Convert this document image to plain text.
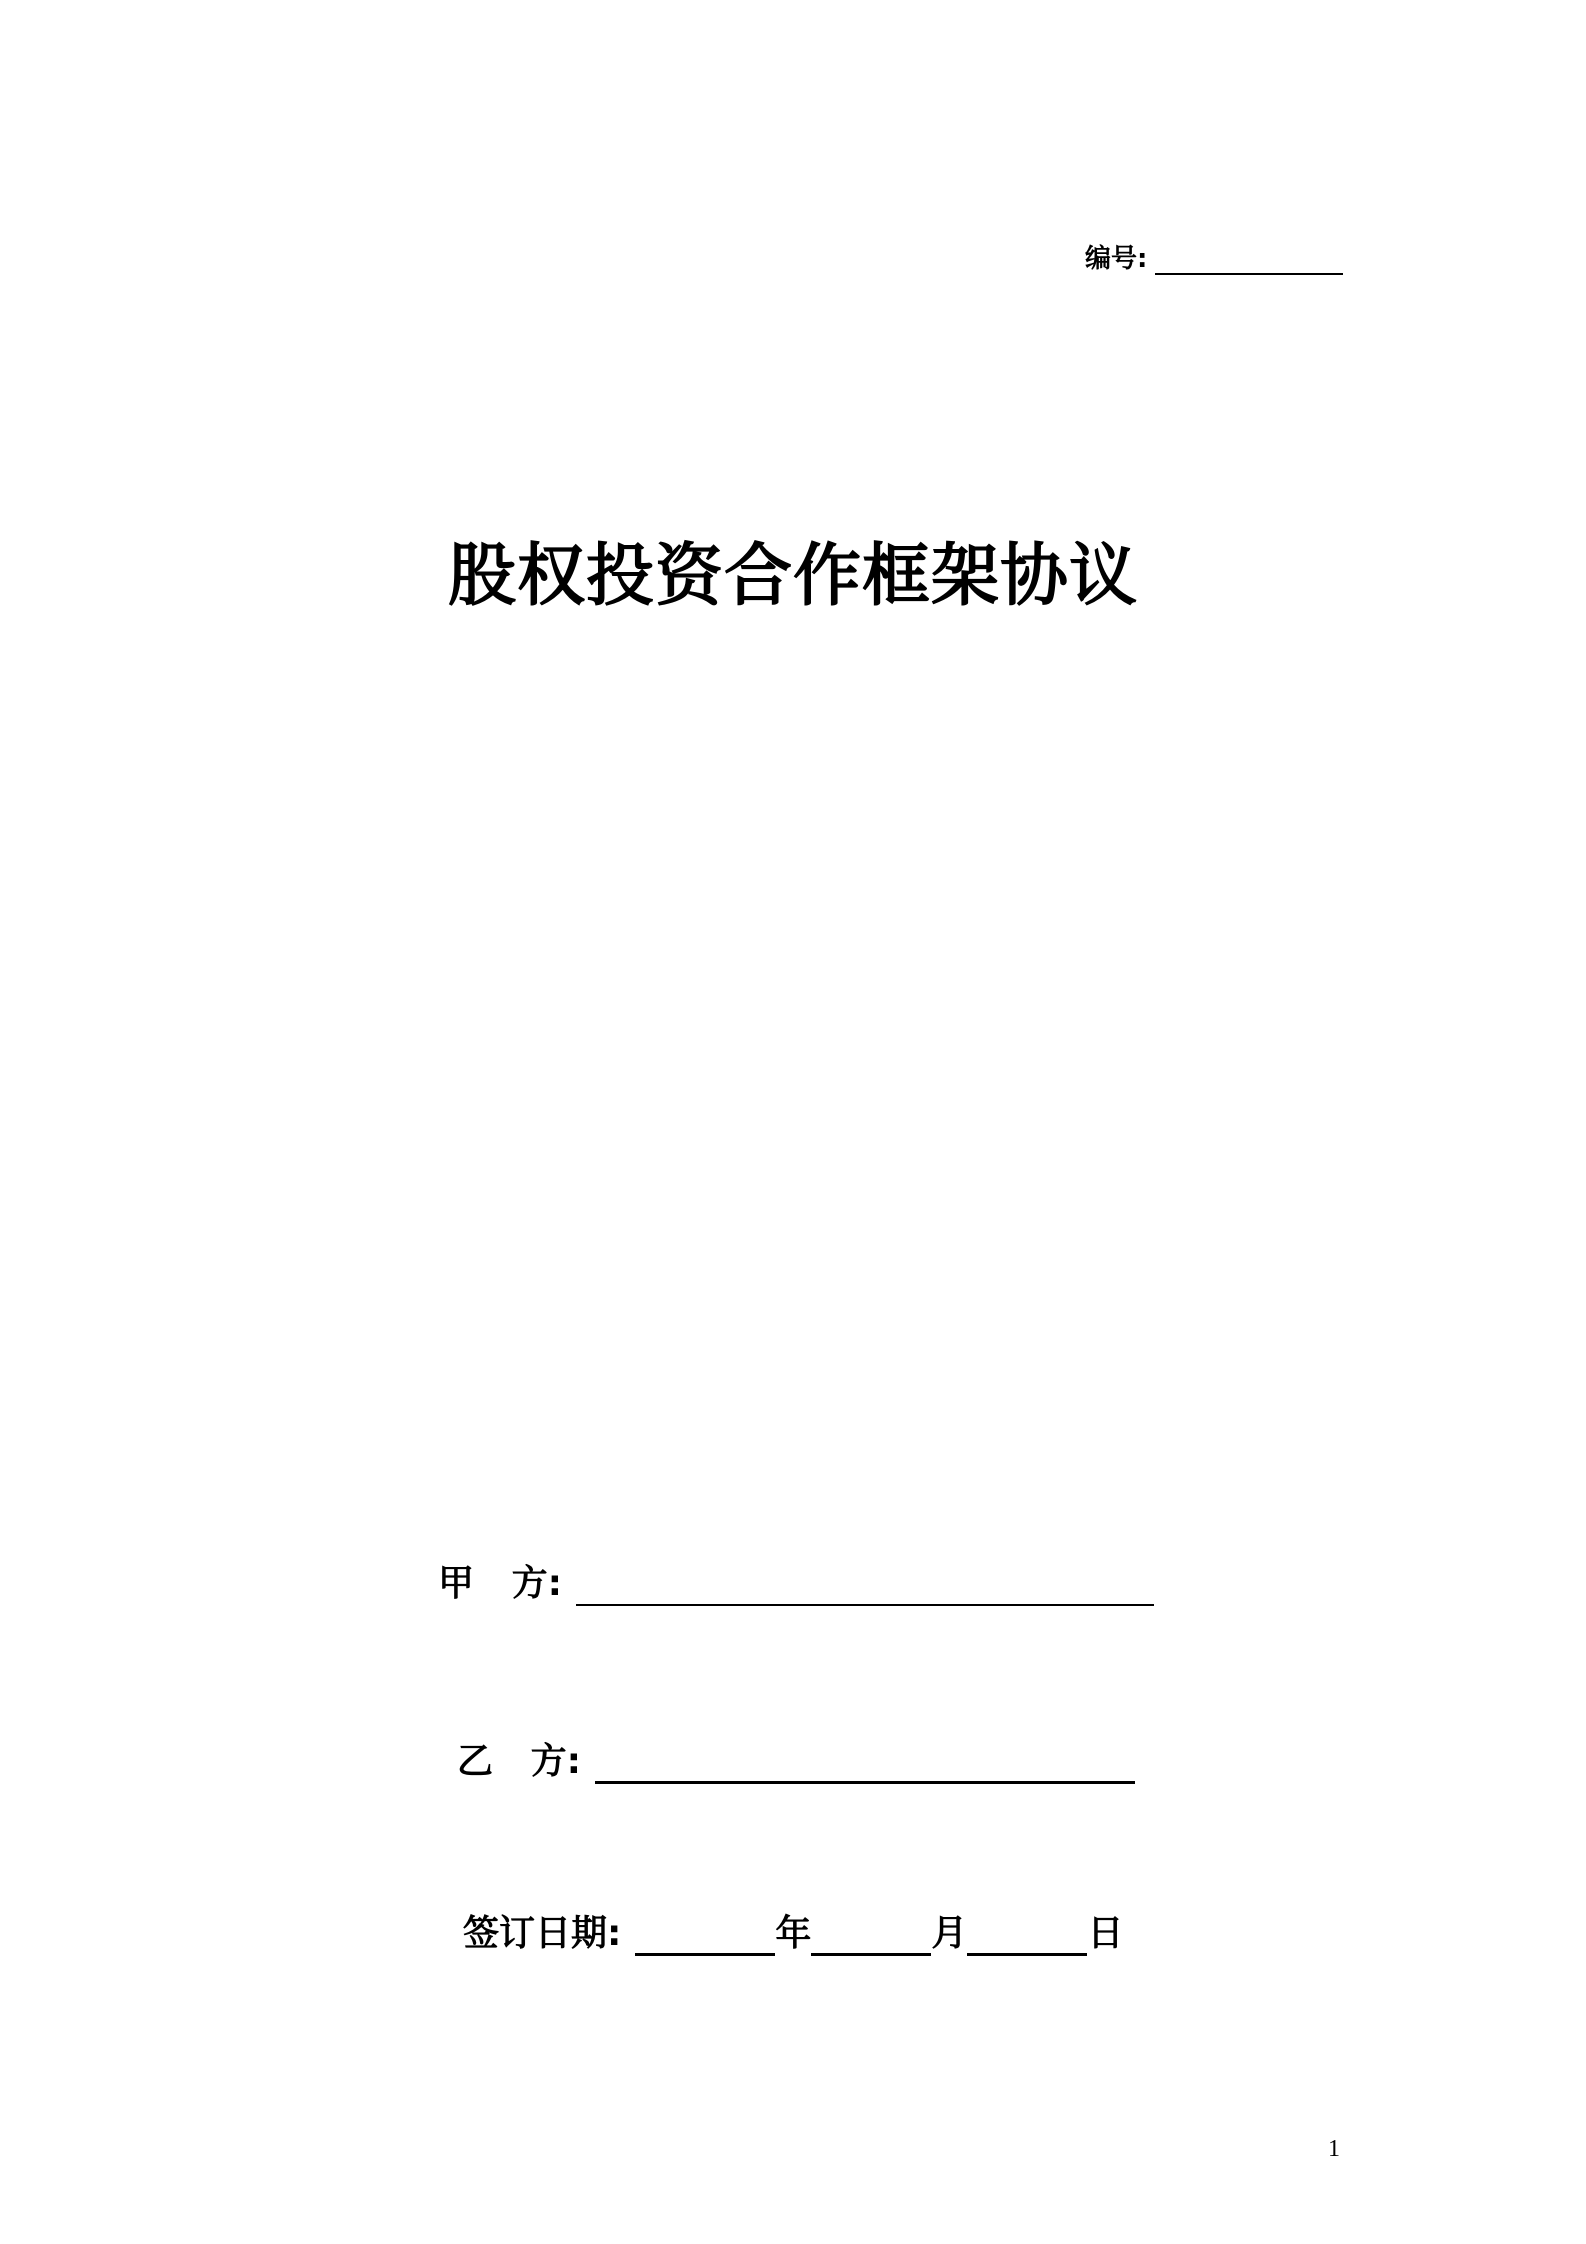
编号:
股权投资合作框架协议
甲   方:
乙   方:
签订日期:	年	月	日
1
